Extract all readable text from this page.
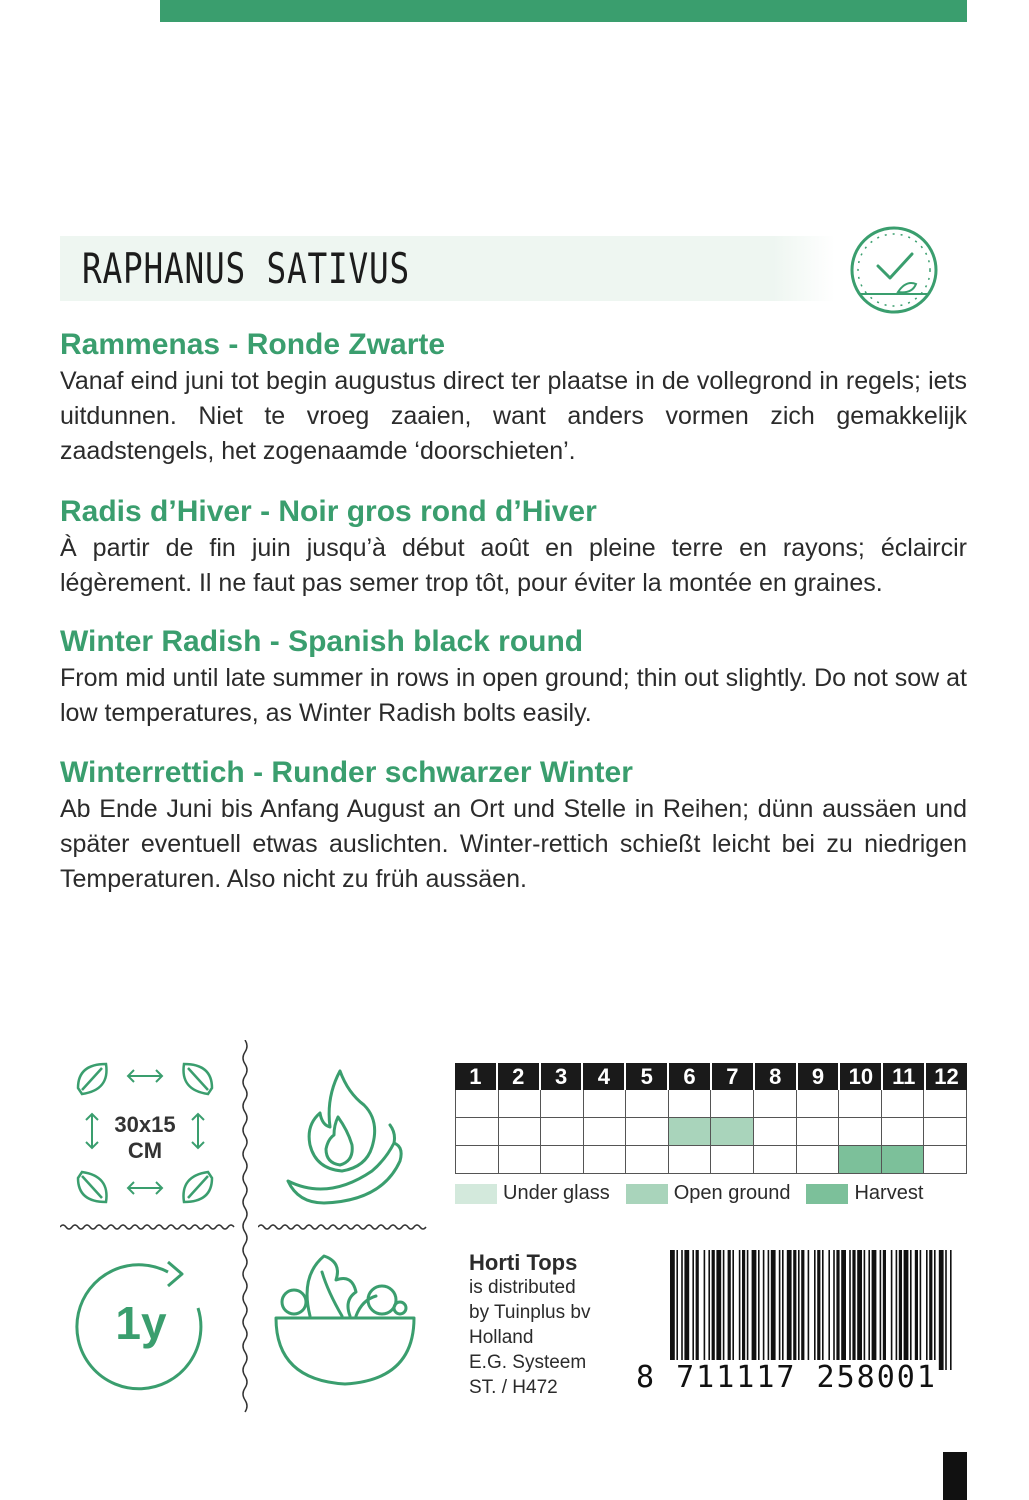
RAPHANUS SATIVUS
Rammenas - Ronde Zwarte

Vanaf eind juni tot begin augustus direct ter plaatse in de vollegrond in regels; iets uitdunnen. Niet te vroeg zaaien, want anders vormen zich gemakkelijk zaadstengels, het zogenaamde ‘doorschieten’.

Radis d’Hiver - Noir gros rond d’Hiver

À partir de fin juin jusqu’à début août en pleine terre en rayons; éclaircir légèrement. Il ne faut pas semer trop tôt, pour éviter la montée en graines.

Winter Radish - Spanish black round

From mid until late summer in rows in open ground; thin out slightly. Do not sow at low temperatures, as Winter Radish bolts easily.

Winterrettich - Runder schwarzer Winter

Ab Ende Juni bis Anfang August an Ort und Stelle in Reihen; dünn aussäen und später eventuell etwas auslichten. Winter-rettich schießt leicht bei zu niedrigen Temperaturen. Also nicht zu früh aussäen.

30x15
CM
1y
1	2	3	4	5	6	7	8	9	10 11 12
Under glass	Open ground	Harvest
Horti Tops
is distributed
by Tuinplus bv
Holland
E.G. Systeem
ST. / H472	8 711117 258001
